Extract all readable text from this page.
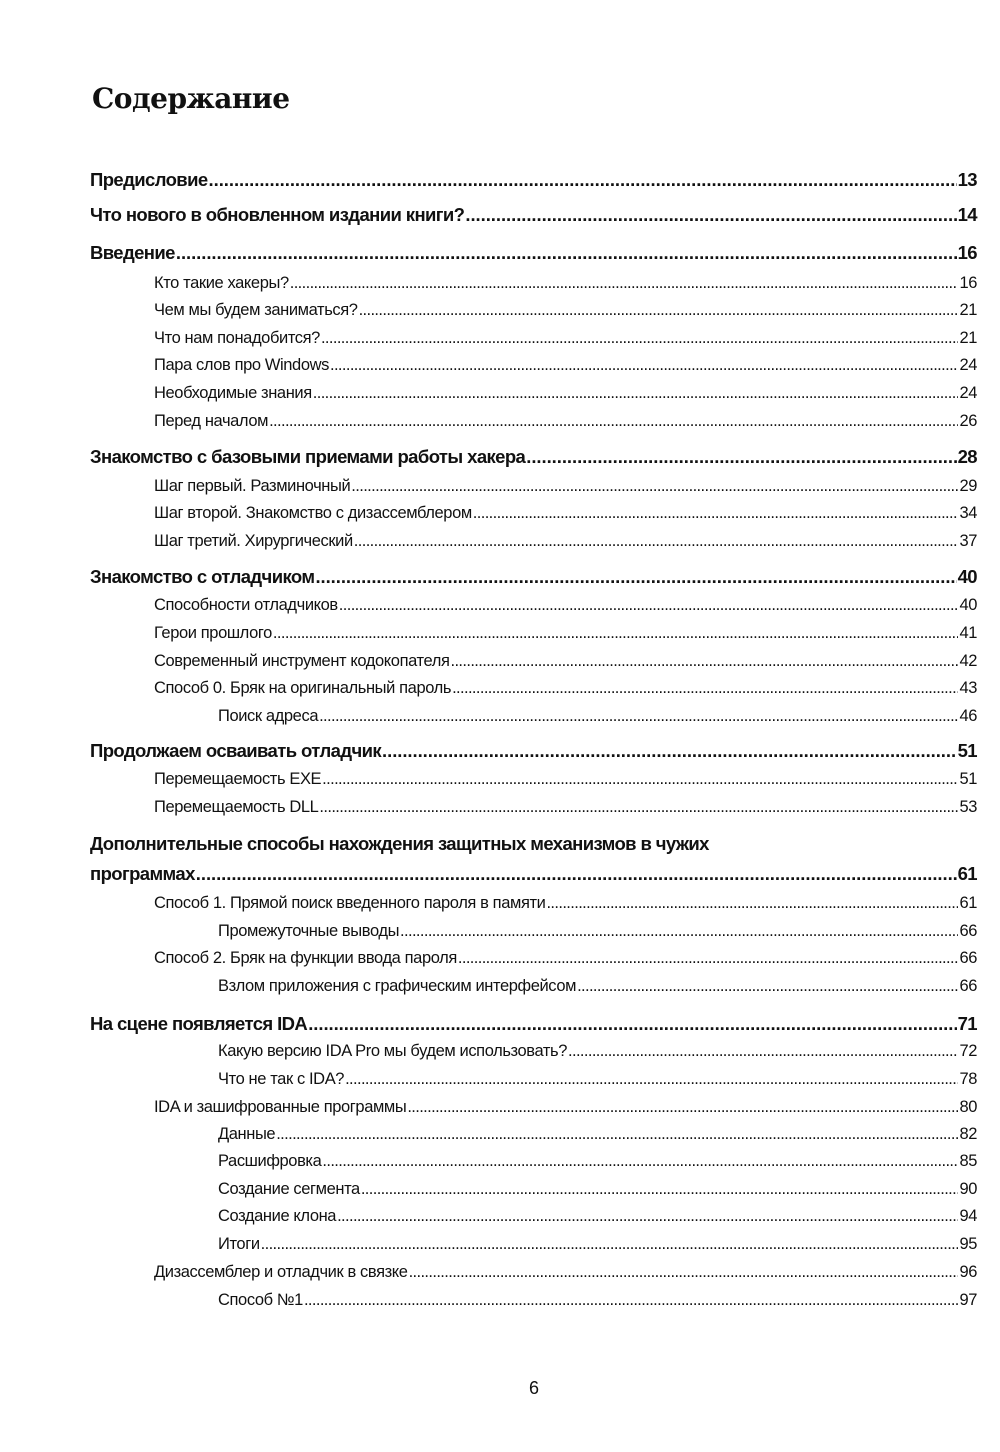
Содержание
Предисловие . . .	13
Что нового в обновленном издании книги? . . .	14
Введение . . .	16
Кто такие хакеры? . . .	16
Чем мы будем заниматься? . . .	21
Что нам понадобится? . . .	21
Пара слов про Windows . . .	24
Необходимые знания . . .	24
Перед началом . . .	26
Знакомство с базовыми приемами работы хакера . . .	28
Шаг первый. Разминочный . . .	29
Шаг второй. Знакомство с дизассемблером . . .	34
Шаг третий. Хирургический . . .	37
Знакомство с отладчиком . . .	40
Способности отладчиков . . .	40
Герои прошлого . . .	41
Современный инструмент кодокопателя . . .	42
Способ 0. Бряк на оригинальный пароль . . .	43
Поиск адреса . . .	46
Продолжаем осваивать отладчик . . .	51
Перемещаемость EXE . . .	51
Перемещаемость DLL . . .	53
Дополнительные способы нахождения защитных механизмов в чужих
программах . . .	61
Способ 1. Прямой поиск введенного пароля в памяти . . .	61
Промежуточные выводы . . .	66
Способ 2. Бряк на функции ввода пароля . . .	66
Взлом приложения с графическим интерфейсом . . .	66
На сцене появляется IDA . . .	71
Какую версию IDA Pro мы будем использовать? . . .	72
Что не так с IDA? . . .	78
IDA и зашифрованные программы . . .	80
Данные . . .	82
Расшифровка . . .	85
Создание сегмента . . .	90
Создание клона . . .	94
Итоги . . .	95
Дизассемблер и отладчик в связке . . .	96
Способ №1 . . .	97
6
